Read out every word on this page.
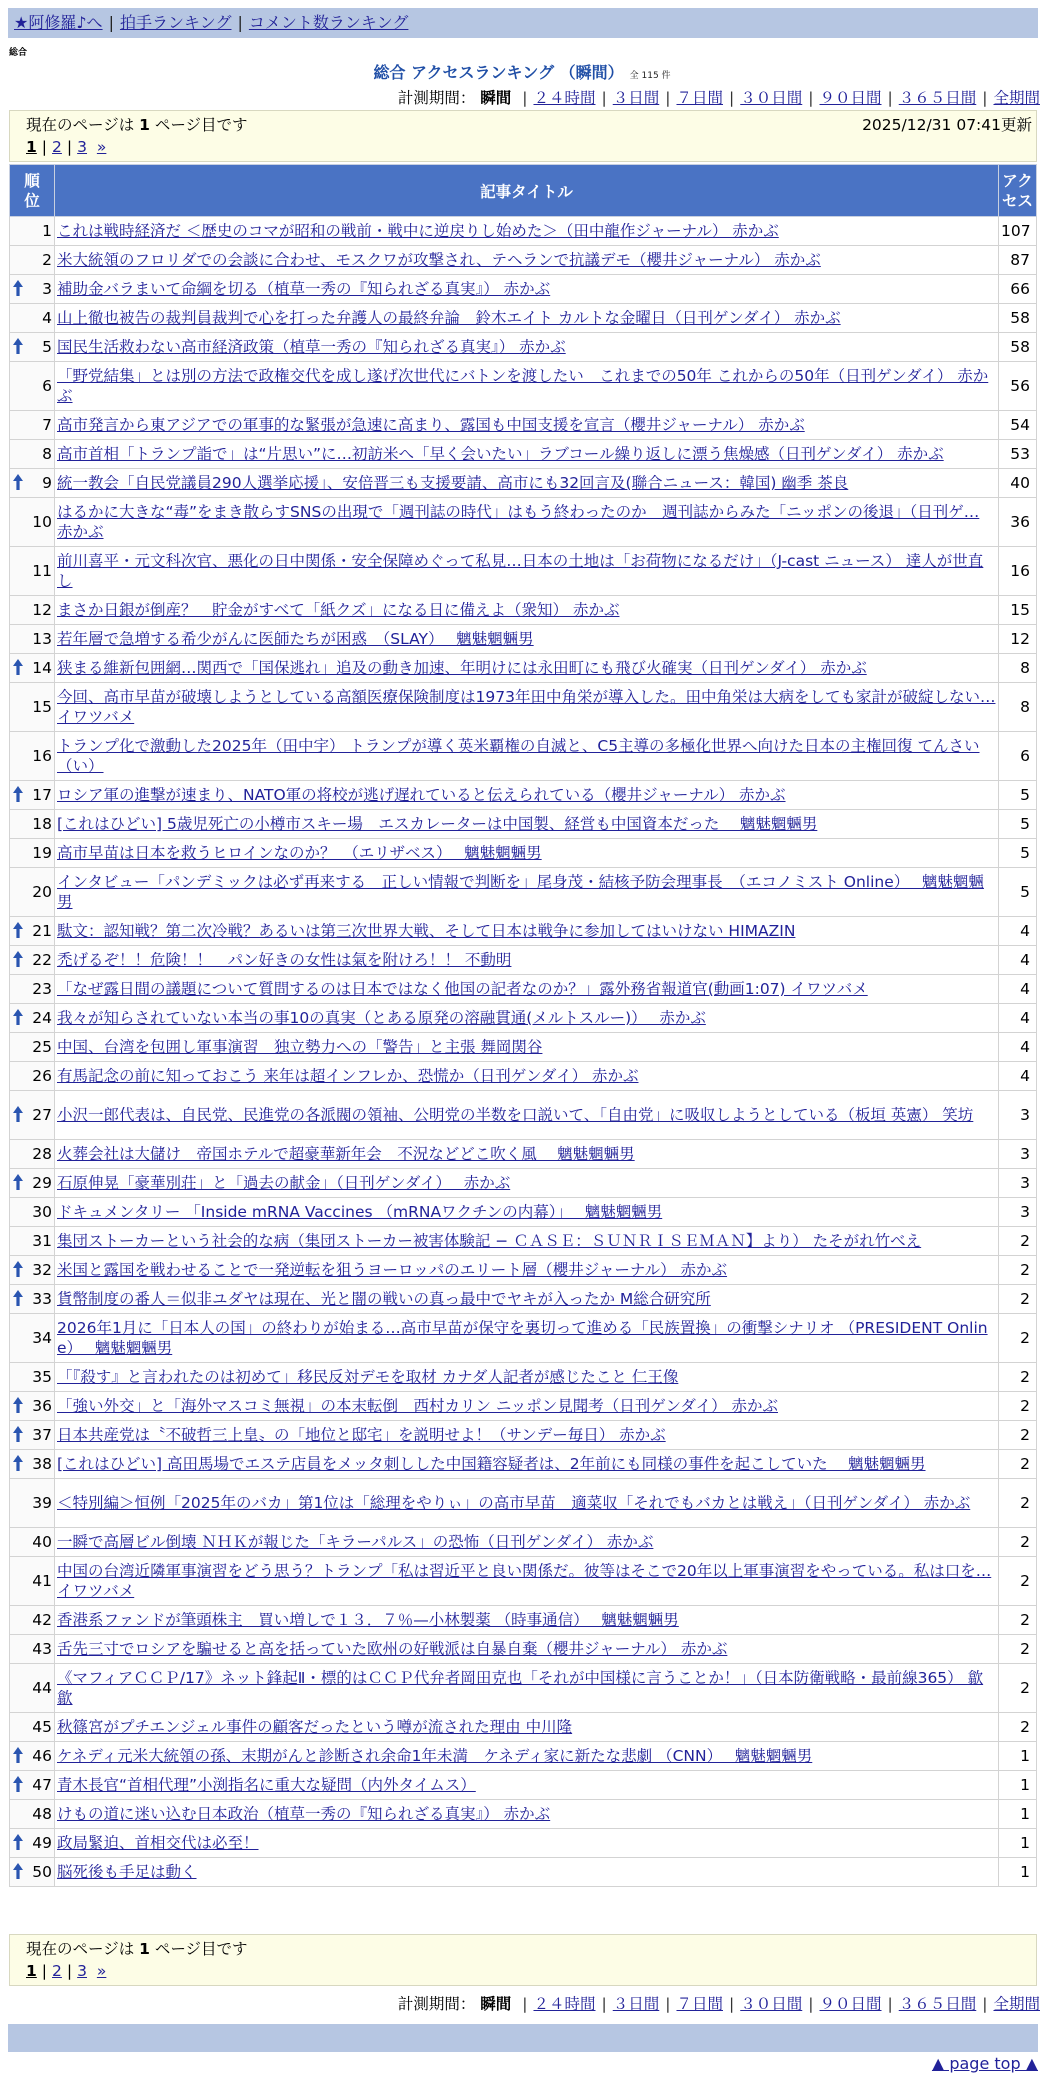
★阿修羅♪へ | 拍手ランキング | コメント数ランキング
総合
総合 アクセスランキング （瞬間） 全 115 件
計測期間： 瞬間 | ２４時間 | ３日間 | ７日間 | ３０日間 | ９０日間 | ３６５日間 | 全期間
現在のページは 1 ページ目です	2025/12/31 07:41更新
1 | 2 | 3 »
順位	記事タイトル	アクセス
1	これは戦時経済だ ＜歴史のコマが昭和の戦前・戦中に逆戻りし始めた＞（田中龍作ジャーナル） 赤かぶ	107
2	米大統領のフロリダでの会談に合わせ、モスクワが攻撃され、テヘランで抗議デモ（櫻井ジャーナル） 赤かぶ	87

3	補助金バラまいて命綱を切る（植草一秀の『知られざる真実』） 赤かぶ	66
4	山上徹也被告の裁判員裁判で心を打った弁護人の最終弁論　鈴木エイト カルトな金曜日（日刊ゲンダイ） 赤かぶ	58

5	国民生活救わない高市経済政策（植草一秀の『知られざる真実』） 赤かぶ	58
6	「野党結集」とは別の方法で政権交代を成し遂げ次世代にバトンを渡したい　これまでの50年 これからの50年（日刊ゲンダイ） 赤かぶ	56
7	高市発言から東アジアでの軍事的な緊張が急速に高まり、露国も中国支援を宣言（櫻井ジャーナル） 赤かぶ	54
8	高市首相「トランプ詣で」は“片思い”に…初訪米へ「早く会いたい」ラブコール繰り返しに漂う焦燥感（日刊ゲンダイ） 赤かぶ	53

9	統一教会「自民党議員290人選挙応援」、安倍晋三も支援要請、高市にも32回言及(聯合ニュース：韓国) 幽季 茶良	40
10	はるかに大きな“毒”をまき散らすSNSの出現で「週刊誌の時代」はもう終わったのか　週刊誌からみた「ニッポンの後退」（日刊ゲ… 赤かぶ	36
11	前川喜平・元文科次官、悪化の日中関係・安全保障めぐって私見…日本の土地は「お荷物になるだけ」（J-cast ニュース） 達人が世直し	16
12	まさか日銀が倒産？　貯金がすべて「紙クズ」になる日に備えよ（衆知） 赤かぶ	15
13	若年層で急増する希少がんに医師たちが困惑　（SLAY）　 魑魅魍魎男	12

14	狭まる維新包囲網…関西で「国保逃れ」追及の動き加速、年明けには永田町にも飛び火確実（日刊ゲンダイ） 赤かぶ	8
15	今回、高市早苗が破壊しようとしている高額医療保険制度は1973年田中角栄が導入した。田中角栄は大病をしても家計が破綻しない… イワツバメ	8
16	トランプ化で激動した2025年（田中宇） トランプが導く英米覇権の自滅と、C5主導の多極化世界へ向けた日本の主権回復 てんさい（い）	6

17	ロシア軍の進撃が速まり、NATO軍の将校が逃げ遅れていると伝えられている（櫻井ジャーナル） 赤かぶ	5
18	[これはひどい] 5歳児死亡の小樽市スキー場　エスカレーターは中国製、経営も中国資本だった　 魑魅魍魎男	5
19	高市早苗は日本を救うヒロインなのか？　（エリザベス）　 魑魅魍魎男	5
20	インタビュー「パンデミックは必ず再来する　正しい情報で判断を」尾身茂・結核予防会理事長　（エコノミスト Online）　 魑魅魍魎男	5

21	駄文：認知戦？第二次冷戦？あるいは第三次世界大戦、そして日本は戦争に参加してはいけない HIMAZIN	4

22	禿げるぞ！！危険！！　パン好きの女性は氣を附けろ！！ 不動明	4
23	「なぜ露日間の議題について質問するのは日本ではなく他国の記者なのか？」露外務省報道官(動画1:07) イワツバメ	4

24	我々が知らされていない本当の事10の真実（とある原発の溶融貫通(メルトスルー)）　 赤かぶ	4
25	中国、台湾を包囲し軍事演習　独立勢力への「警告」と主張 舞岡関谷	4
26	有馬記念の前に知っておこう 来年は超インフレか、恐慌か（日刊ゲンダイ） 赤かぶ	4

27	小沢一郎代表は、自民党、民進党の各派閥の領袖、公明党の半数を口説いて、「自由党」に吸収しようとしている（板垣 英憲） 笑坊	3
28	火葬会社は大儲け　帝国ホテルで超豪華新年会　不況などどこ吹く風　 魑魅魍魎男	3

29	石原伸晃「豪華別荘」と「過去の献金」（日刊ゲンダイ）　 赤かぶ	3
30	ドキュメンタリー 「Inside mRNA Vaccines （mRNAワクチンの内幕）」　 魑魅魍魎男	3
31	集団ストーカーという社会的な病（集団ストーカー被害体験記 − ＣＡＳＥ：ＳＵＮＲＩＳＥＭＡＮ】より） たそがれ竹べえ	2

32	米国と露国を戦わせることで一発逆転を狙うヨーロッパのエリート層（櫻井ジャーナル） 赤かぶ	2

33	貨幣制度の番人＝似非ユダヤは現在、光と闇の戦いの真っ最中でヤキが入ったか M総合研究所	2
34	2026年1月に「日本人の国」の終わりが始まる…高市早苗が保守を裏切って進める「民族置換」の衝撃シナリオ （PRESIDENT Online）　 魑魅魍魎男	2
35	「『殺す』と言われたのは初めて」移民反対デモを取材 カナダ人記者が感じたこと 仁王像	2

36	「強い外交」と「海外マスコミ無視」の本末転倒　西村カリン ニッポン見聞考（日刊ゲンダイ） 赤かぶ	2

37	日本共産党は〝不破哲三上皇〟の「地位と邸宅」を説明せよ！（サンデー毎日） 赤かぶ	2

38	[これはひどい] 高田馬場でエステ店員をメッタ刺しした中国籍容疑者は、2年前にも同様の事件を起こしていた　 魑魅魍魎男	2
39	＜特別編＞恒例「2025年のバカ」第1位は「総理をやりぃ」の高市早苗　適菜収「それでもバカとは戦え」（日刊ゲンダイ） 赤かぶ	2
40	一瞬で高層ビル倒壊 ＮＨＫが報じた「キラーパルス」の恐怖（日刊ゲンダイ） 赤かぶ	2
41	中国の台湾近隣軍事演習をどう思う？トランプ「私は習近平と良い関係だ。彼等はそこで20年以上軍事演習をやっている。私は口を… イワツバメ	2
42	香港系ファンドが筆頭株主　買い増しで１３．７％—小林製薬 （時事通信）　 魑魅魍魎男	2
43	舌先三寸でロシアを騙せると高を括っていた欧州の好戦派は自暴自棄（櫻井ジャーナル） 赤かぶ	2
44	《マフィアＣＣＰ/17》ネット鋒起Ⅱ・標的はＣＣＰ代弁者岡田克也「それが中国様に言うことか！」（日本防衛戦略・最前線365） 歙歙	2
45	秋篠宮がプチエンジェル事件の顧客だったという噂が流された理由 中川隆	2

46	ケネディ元米大統領の孫、末期がんと診断され余命1年未満　ケネディ家に新たな悲劇 （CNN）　 魑魅魍魎男	1

47	青木長官“首相代理”小渕指名に重大な疑問（内外タイムス）	1
48	けもの道に迷い込む日本政治（植草一秀の『知られざる真実』） 赤かぶ	1

49	政局緊迫、首相交代は必至！	1

50	脳死後も手足は動く	1
現在のページは 1 ページ目です
1 | 2 | 3 »
計測期間： 瞬間 | ２４時間 | ３日間 | ７日間 | ３０日間 | ９０日間 | ３６５日間 | 全期間
▲ page top ▲
